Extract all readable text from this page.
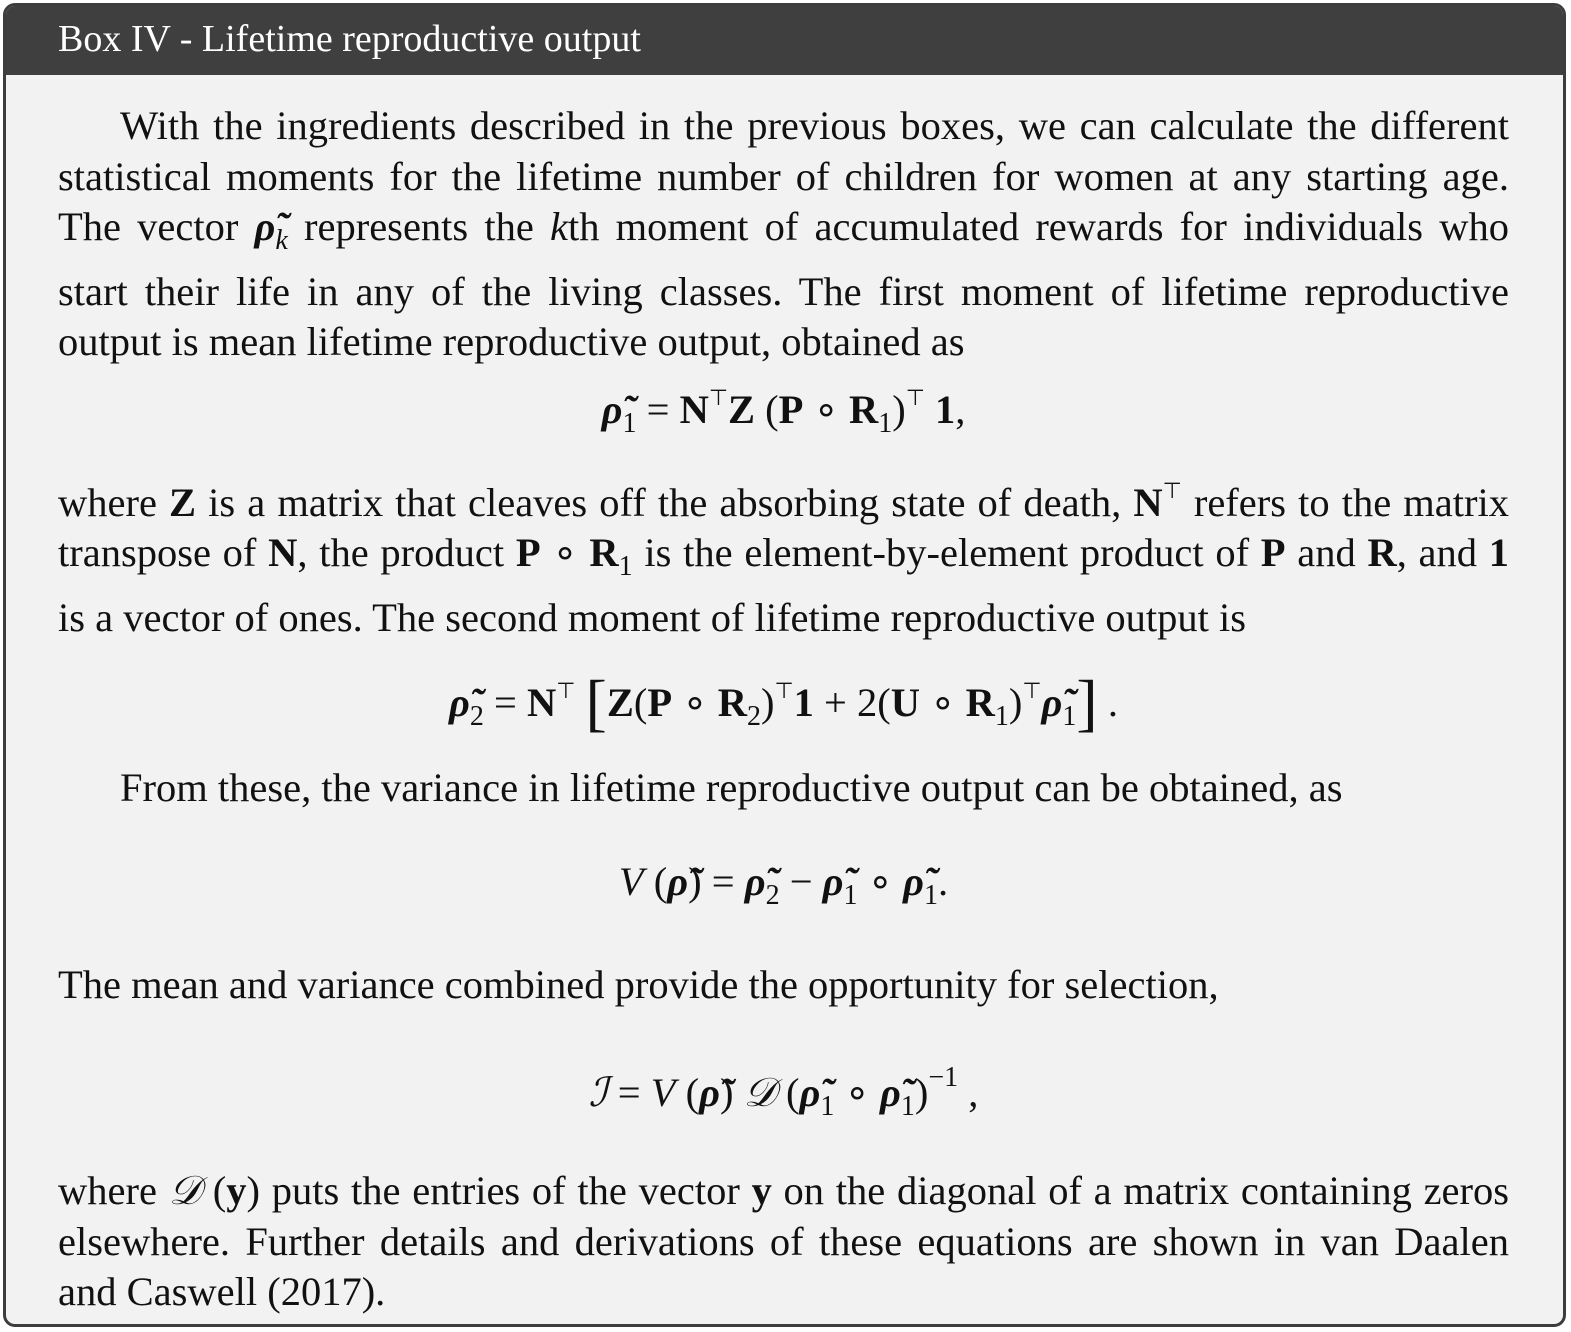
Box IV - Lifetime reproductive output

With the ingredients described in the previous boxes, we can calculate the different statistical moments for the lifetime number of children for women at any starting age. The vector $\rhõ_k$ represents the kth moment of accumulated rewards for individuals who start their life in any of the living classes. The first moment of lifetime reproductive output is mean lifetime reproductive output, obtained as

$\rhõ_1 = N^⊤Z$ (P ∘ $R_1)^⊤$ 1,

where Z is a matrix that cleaves off the absorbing state of death, N⊤ refers to the matrix transpose of N, the product P ∘ $R_1$ is the element-by-element product of P and R, and 1 is a vector of ones. The second moment of lifetime reproductive output is

$\rhõ_2 = N^⊤$ [Z(P ∘ $R_2)^⊤1 + 2(U$ ∘ $R_1)^⊤\rhõ_1$] .

From these, the variance in lifetime reproductive output can be obtained, as

V (ρ̃) = $\rhõ_2$ − $\rhõ_1$ ∘ $\rhõ_1$.

The mean and variance combined provide the opportunity for selection,

ℐ = V (ρ̃) 𝒟 ($\rhõ_1$ ∘ $\rhõ_1)^{-1}$ ,

where 𝒟 (y) puts the entries of the vector y on the diagonal of a matrix containing zeros elsewhere. Further details and derivations of these equations are shown in van Daalen and Caswell (2017).
